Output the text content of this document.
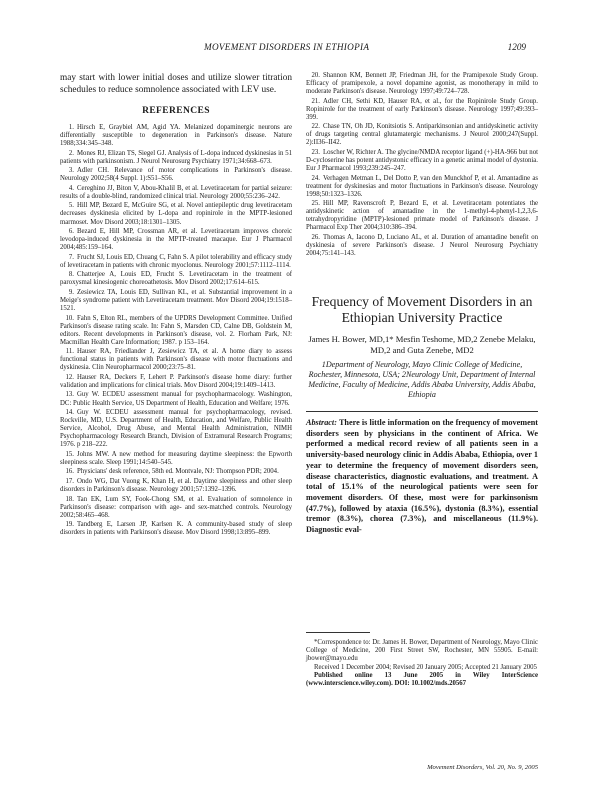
MOVEMENT DISORDERS IN ETHIOPIA	1209

may start with lower initial doses and utilize slower titration schedules to reduce somnolence associated with LEV use.

REFERENCES
1. Hirsch E, Graybiel AM, Agid YA. Melanized dopaminergic neurons are differentially susceptible to degeneration in Parkinson's disease. Nature 1988;334:345–348.
2. Mones RJ, Elizan TS, Siegel GJ. Analysis of L-dopa induced dyskinesias in 51 patients with parkinsonism. J Neurol Neurosurg Psychiatry 1971;34:668–673.
3. Adler CH. Relevance of motor complications in Parkinson's disease. Neurology 2002;58(4 Suppl. 1):S51–S56.
4. Cereghino JJ, Biton V, Abou-Khalil B, et al. Levetiracetam for partial seizure: results of a double-blind, randomized clinical trial. Neurology 2000;55:236–242.
5. Hill MP, Bezard E, McGuire SG, et al. Novel antiepileptic drug levetiracetam decreases dyskinesia elicited by L-dopa and ropinirole in the MPTP-lesioned marmoset. Mov Disord 2003;18:1301–1305.
6. Bezard E, Hill MP, Crossman AR, et al. Levetiracetam improves choreic levodopa-induced dyskinesia in the MPTP-treated macaque. Eur J Pharmacol 2004;485:159–164.
7. Frucht SJ, Louis ED, Chuang C, Fahn S. A pilot tolerability and efficacy study of levetiracetam in patients with chronic myoclonus. Neurology 2001;57:1112–1114.
8. Chatterjee A, Louis ED, Frucht S. Levetiracetam in the treatment of paroxysmal kinesiogenic choreoathetosis. Mov Disord 2002;17:614–615.
9. Zesiewicz TA, Louis ED, Sullivan KL, et al. Substantial improvement in a Meige's syndrome patient with Levetiracetam treatment. Mov Disord 2004;19:1518–1521.
10. Fahn S, Elton RL, members of the UPDRS Development Committee. Unified Parkinson's disease rating scale. In: Fahn S, Marsden CD, Calne DB, Goldstein M, editors. Recent developments in Parkinson's disease, vol. 2. Florham Park, NJ: Macmillan Health Care Information; 1987. p 153–164.
11. Hauser RA, Friedlander J, Zesiewicz TA, et al. A home diary to assess functional status in patients with Parkinson's disease with motor fluctuations and dyskinesia. Clin Neuropharmacol 2000;23:75–81.
12. Hauser RA, Deckers F, Lehert P. Parkinson's disease home diary: further validation and implications for clinical trials. Mov Disord 2004;19:1409–1413.
13. Guy W. ECDEU assessment manual for psychopharmacology. Washington, DC: Public Health Service, US Department of Health, Education and Welfare; 1976.
14. Guy W. ECDEU assessment manual for psychopharmacology, revised. Rockville, MD, U.S. Department of Health, Education, and Welfare, Public Health Service, Alcohol, Drug Abuse, and Mental Health Administration, NIMH Psychopharmacology Research Branch, Division of Extramural Research Programs; 1976. p 218–222.
15. Johns MW. A new method for measuring daytime sleepiness: the Epworth sleepiness scale. Sleep 1991;14:540–545.
16. Physicians' desk reference, 58th ed. Montvale, NJ: Thompson PDR; 2004.
17. Ondo WG, Dat Vuong K, Khan H, et al. Daytime sleepiness and other sleep disorders in Parkinson's disease. Neurology 2001;57:1392–1396.
18. Tan EK, Lum SY, Fook-Chong SM, et al. Evaluation of somnolence in Parkinson's disease: comparison with age- and sex-matched controls. Neurology 2002;58:465–468.
19. Tandberg E, Larsen JP, Karlsen K. A community-based study of sleep disorders in patients with Parkinson's disease. Mov Disord 1998;13:895–899.
20. Shannon KM, Bennett JP, Friedman JH, for the Pramipexole Study Group. Efficacy of pramipexole, a novel dopamine agonist, as monotherapy in mild to moderate Parkinson's disease. Neurology 1997;49:724–728.
21. Adler CH, Sethi KD, Hauser RA, et al., for the Ropinirole Study Group. Ropinirole for the treatment of early Parkinson's disease. Neurology 1997;49:393–399.
22. Chase TN, Oh JD, Konitsiotis S. Antiparkinsonian and antidyskinetic activity of drugs targeting central glutamatergic mechanisms. J Neurol 2000;247(Suppl. 2):II36–II42.
23. Loscher W, Richter A. The glycine/NMDA receptor ligand (+)-HA-966 but not D-cycloserine has potent antidystonic efficacy in a genetic animal model of dystonia. Eur J Pharmacol 1993;239:245–247.
24. Verhagen Metman L, Del Dotto P, van den Munckhof P, et al. Amantadine as treatment for dyskinesias and motor fluctuations in Parkinson's disease. Neurology 1998;50:1323–1326.
25. Hill MP, Ravenscroft P, Bezard E, et al. Levetiracetam potentiates the antidyskinetic action of amantadine in the 1-methyl-4-phenyl-1,2,3,6-tetrahydropyridine (MPTP)-lesioned primate model of Parkinson's disease. J Pharmacol Exp Ther 2004;310:386–394.
26. Thomas A, Iacono D, Luciano AL, et al. Duration of amantadine benefit on dyskinesia of severe Parkinson's disease. J Neurol Neurosurg Psychiatry 2004;75:141–143.
Frequency of Movement Disorders in an Ethiopian University Practice
James H. Bower, MD,1* Mesfin Teshome, MD,2 Zenebe Melaku, MD,2 and Guta Zenebe, MD2
1Department of Neurology, Mayo Clinic College of Medicine, Rochester, Minnesota, USA; 2Neurology Unit, Department of Internal Medicine, Faculty of Medicine, Addis Ababa University, Addis Ababa, Ethiopia

Abstract: There is little information on the frequency of movement disorders seen by physicians in the continent of Africa. We performed a medical record review of all patients seen in a university-based neurology clinic in Addis Ababa, Ethiopia, over 1 year to determine the frequency of movement disorders seen, disease characteristics, diagnostic evaluations, and treatment. A total of 15.1% of the neurological patients were seen for movement disorders. Of these, most were for parkinsonism (47.7%), followed by ataxia (16.5%), dystonia (8.3%), essential tremor (8.3%), chorea (7.3%), and miscellaneous (11.9%). Diagnostic eval-

*Correspondence to: Dr. James H. Bower, Department of Neurology, Mayo Clinic College of Medicine, 200 First Street SW, Rochester, MN 55905. E-mail: jbower@mayo.edu

Received 1 December 2004; Revised 20 January 2005; Accepted 21 January 2005

Published online 13 June 2005 in Wiley InterScience (www.interscience.wiley.com). DOI: 10.1002/mds.20567

Movement Disorders, Vol. 20, No. 9, 2005
